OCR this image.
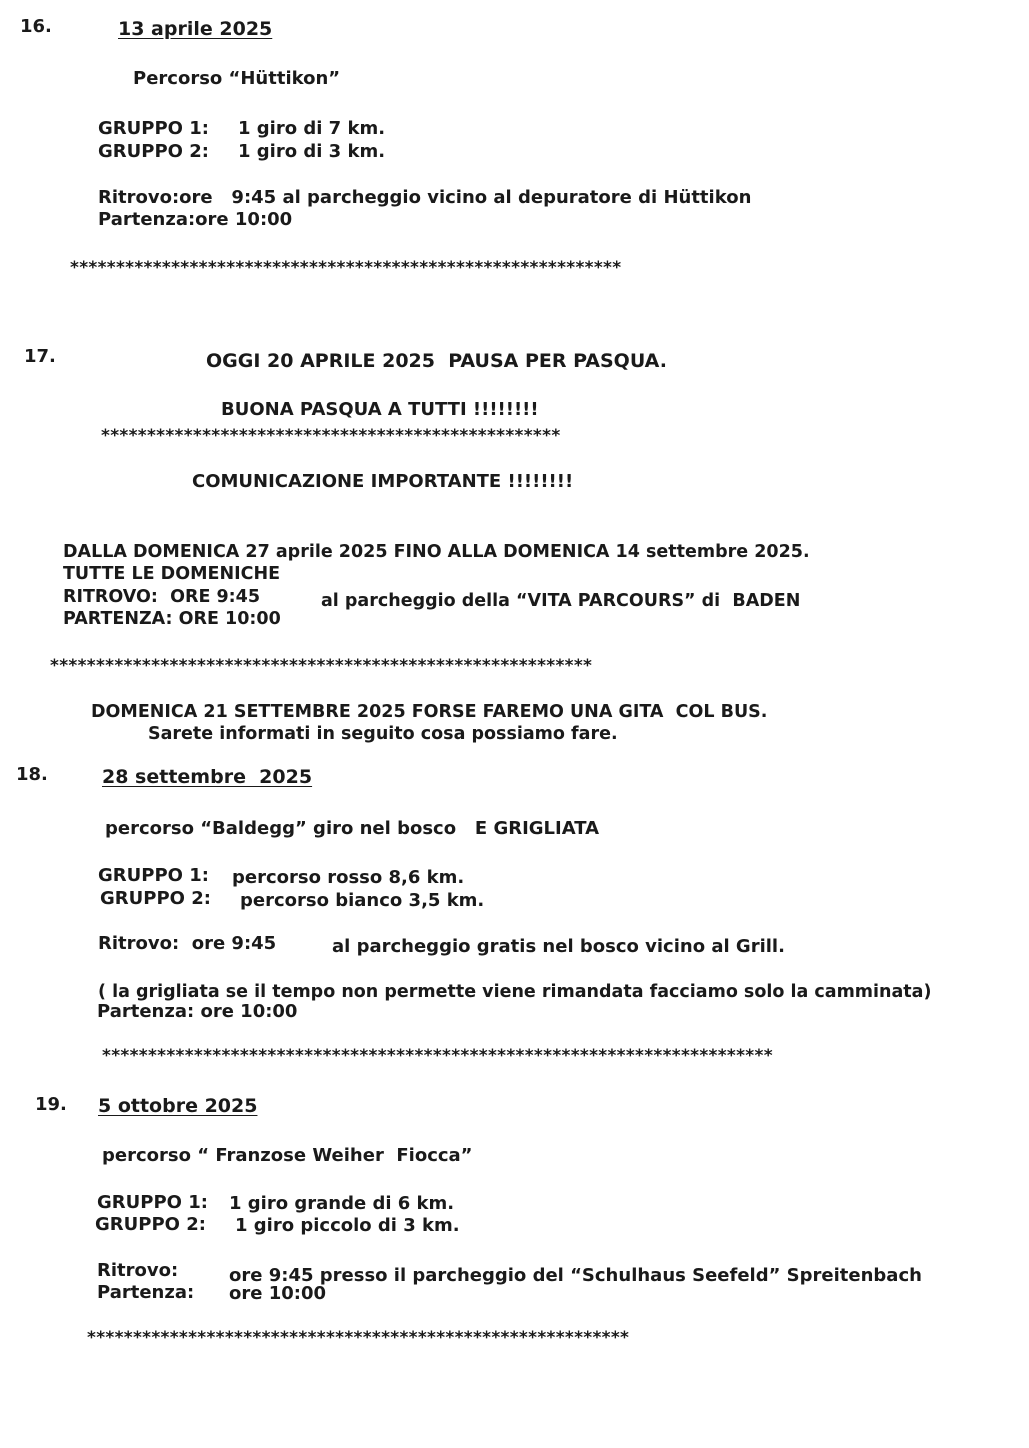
16.	13 aprile 2025
Percorso “Hüttikon”
GRUPPO 1: 1 giro di 7 km.
GRUPPO 2: 1 giro di 3 km.
Ritrovo:ore   9:45 al parcheggio vicino al depuratore di Hüttikon
Partenza:ore 10:00
************************************************************
17.	OGGI 20 APRILE 2025  PAUSA PER PASQUA.
BUONA PASQUA A TUTTI !!!!!!!!
**************************************************
COMUNICAZIONE IMPORTANTE !!!!!!!!
DALLA DOMENICA 27 aprile 2025 FINO ALLA DOMENICA 14 settembre 2025.
TUTTE LE DOMENICHE
RITROVO:  ORE 9:45	al parcheggio della “VITA PARCOURS” di  BADEN
PARTENZA: ORE 10:00
***********************************************************
DOMENICA 21 SETTEMBRE 2025 FORSE FAREMO UNA GITA  COL BUS.
Sarete informati in seguito cosa possiamo fare.
18.	28 settembre  2025
percorso “Baldegg” giro nel bosco   E GRIGLIATA
GRUPPO 1: percorso rosso 8,6 km.
GRUPPO 2: percorso bianco 3,5 km.
Ritrovo:  ore 9:45	al parcheggio gratis nel bosco vicino al Grill.
( la grigliata se il tempo non permette viene rimandata facciamo solo la camminata)
Partenza: ore 10:00
*************************************************************************
19. 5 ottobre 2025
percorso “ Franzose Weiher  Fiocca”
GRUPPO 1: 1 giro grande di 6 km.
GRUPPO 2: 1 giro piccolo di 3 km.
Ritrovo:	ore 9:45 presso il parcheggio del “Schulhaus Seefeld” Spreitenbach
Partenza: ore 10:00
***********************************************************
